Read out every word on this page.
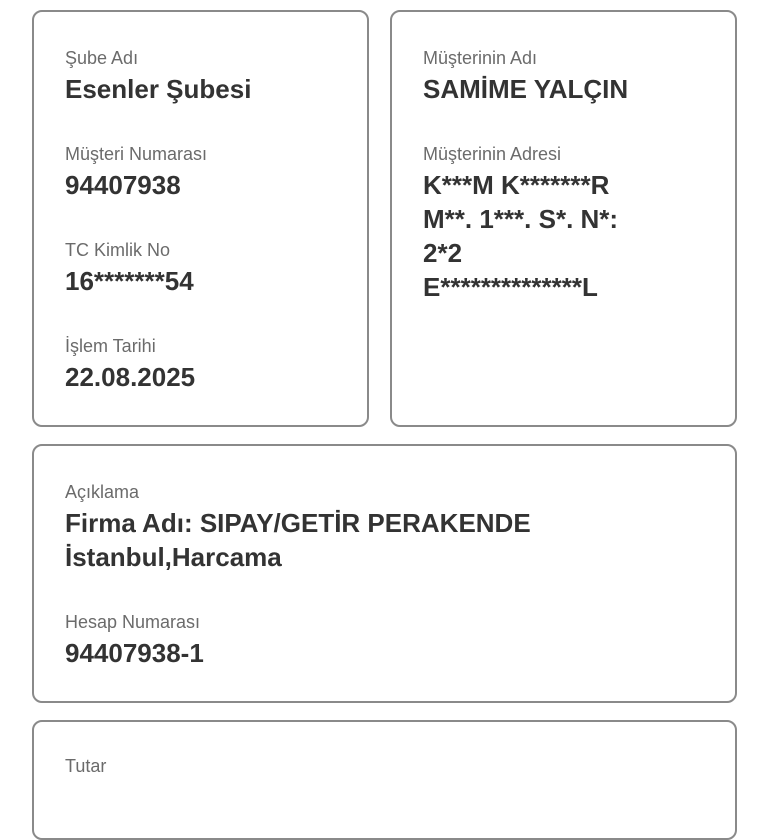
Şube Adı
Esenler Şubesi
Müşteri Numarası
94407938
TC Kimlik No
16*******54
İşlem Tarihi
22.08.2025
Müşterinin Adı
SAMİME YALÇIN
Müşterinin Adresi
K***M K*******R
M**. 1***. S*. N*:
2*2
E**************L
Açıklama
Firma Adı: SIPAY/GETİR PERAKENDE
İstanbul,Harcama
Hesap Numarası
94407938-1
Tutar
